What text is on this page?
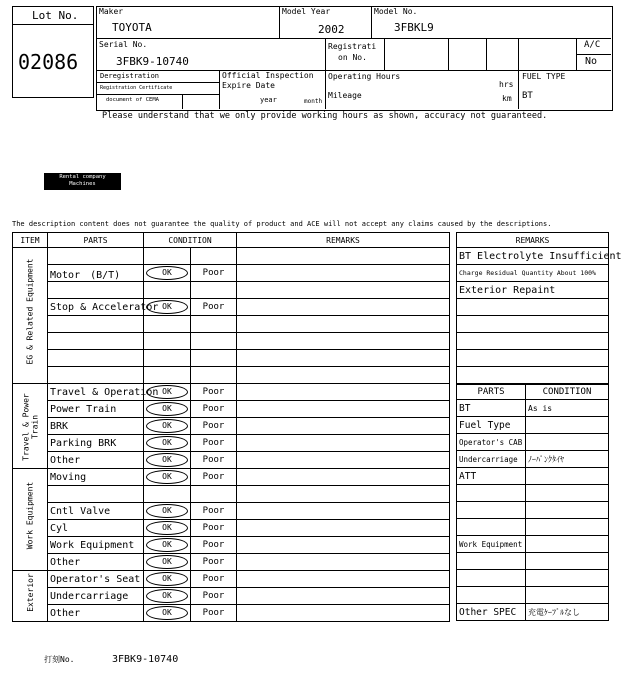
Lot No.
02086
Maker
TOYOTA
Model Year
2002
Model No.
3FBKL9
Serial No.
3FBK9-10740
Registrati
on No.
A/C
No
Deregistration
Registration Certificate
document of CEMA
Official Inspection
Expire Date
year	month
Operating Hours
hrs
Mileage	km
FUEL TYPE
BT
Please understand that we only provide working hours as shown, accuracy not guaranteed.
Rental company
Machines
The description content does not guarantee the quality of product and ACE will not accept any claims caused by the descriptions.
ITEM	PARTS	CONDITION		REMARKS

EG & Related Equipment				

	Motor　(B/T)	OK	Poor	

	Stop & Accelerator	OK	Poor	

Travel & Power Train	Travel & Operation	OK	Poor	
	Power Train	OK	Poor	
	BRK	OK	Poor	
	Parking BRK	OK	Poor	
	Other	OK	Poor	

Work Equipment	Moving	OK	Poor	

	Cntl Valve	OK	Poor	
	Cyl	OK	Poor	
	Work Equipment	OK	Poor	
	Other	OK	Poor	

Exterior	Operator's Seat	OK	Poor	
	Undercarriage	OK	Poor	
	Other	OK	Poor	
REMARKS
BT Electrolyte Insufficient
Charge Residual Quantity About 100%
Exterior Repaint

PARTS	CONDITION
BT	As is
Fuel Type	
Operator's CAB	
Undercarriage	ﾉｰﾊﾟﾝｸﾀｲﾔ
ATT	

Work Equipment	

Other SPEC	充電ｹｰﾌﾞﾙなし
打刻No.	3FBK9-10740
